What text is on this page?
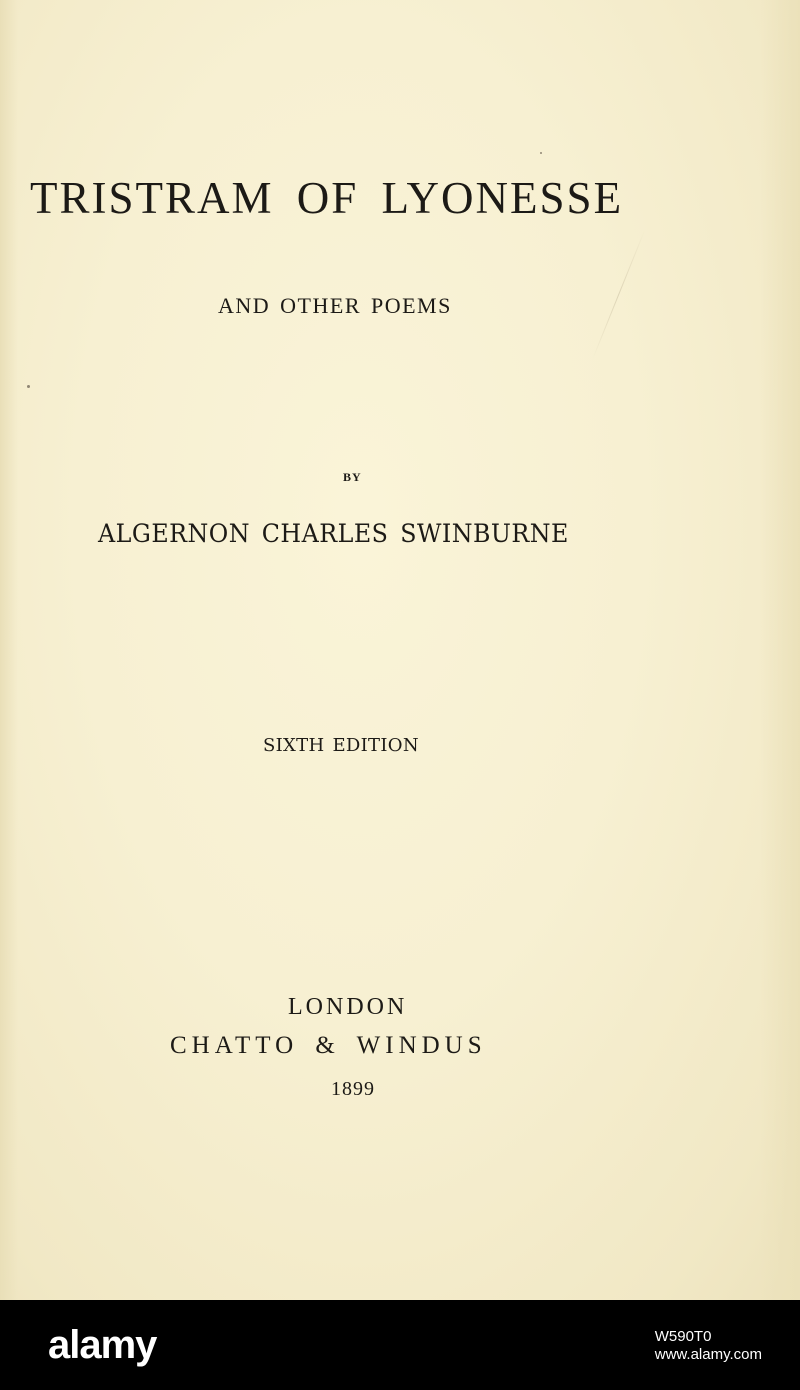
TRISTRAM OF LYONESSE
AND OTHER POEMS
BY
ALGERNON CHARLES SWINBURNE
SIXTH EDITION
LONDON
CHATTO & WINDUS
1899
alamy	W590T0
www.alamy.com
